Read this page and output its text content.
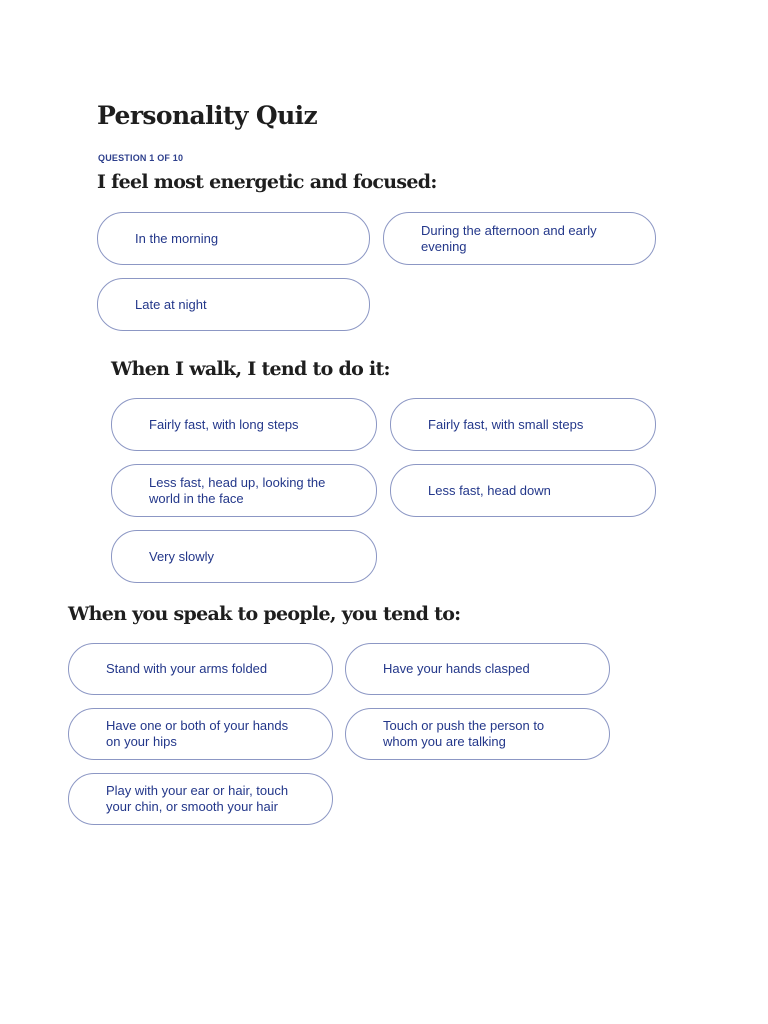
Personality Quiz
QUESTION 1 OF 10
I feel most energetic and focused:
In the morning
During the afternoon and early evening
Late at night
When I walk, I tend to do it:
Fairly fast, with long steps	Fairly fast, with small steps
Less fast, head up, looking the world in the face
Less fast, head down
Very slowly
When you speak to people, you tend to:
Stand with your arms folded	Have your hands clasped
Have one or both of your hands on your hips
Touch or push the person to whom you are talking
Play with your ear or hair, touch your chin, or smooth your hair
